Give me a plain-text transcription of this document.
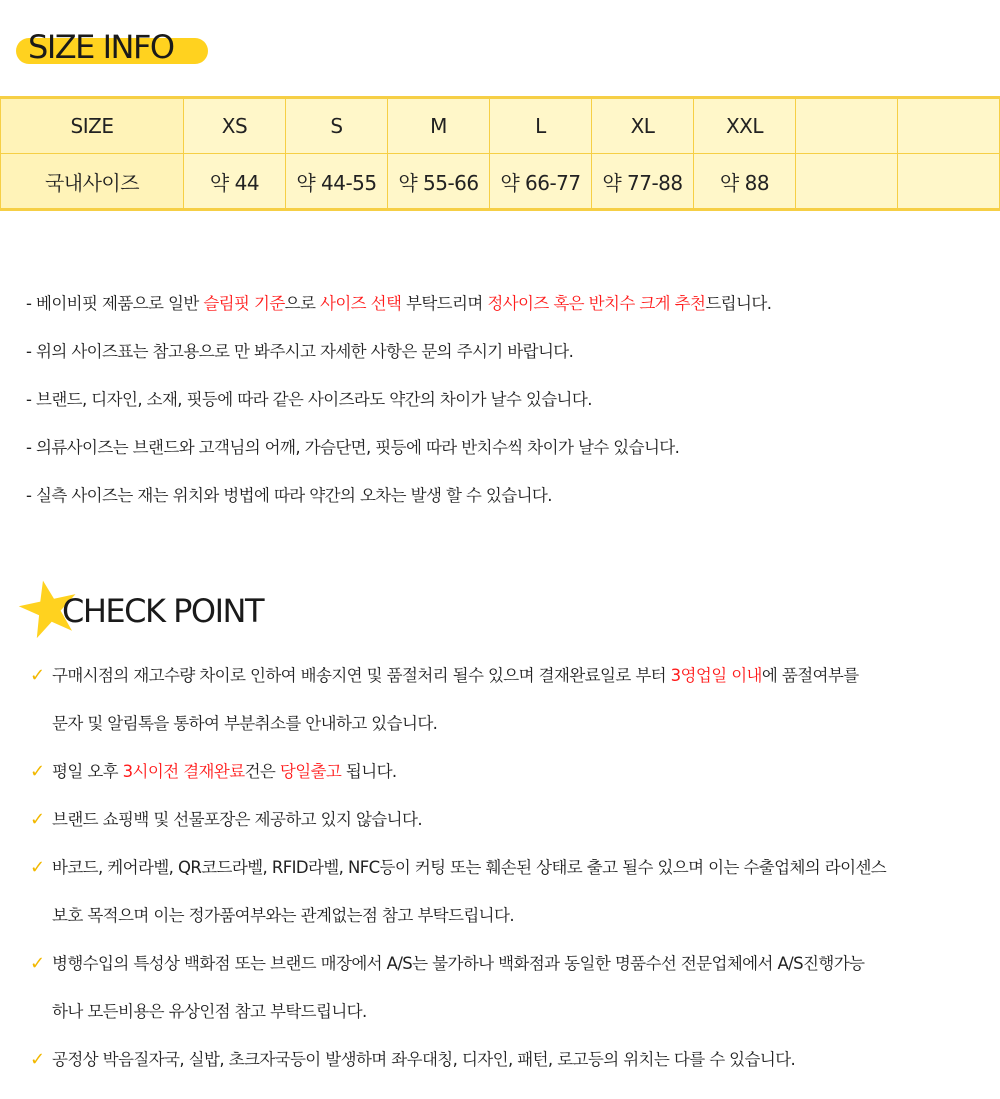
SIZE INFO
SIZE	XS	S	M	L	XL	XXL		
국내사이즈	약 44	약 44-55	약 55-66	약 66-77	약 77-88	약 88		
- 베이비핏 제품으로 일반 슬림핏 기준으로 사이즈 선택 부탁드리며 정사이즈 혹은 반치수 크게 추천드립니다.
- 위의 사이즈표는 참고용으로 만 봐주시고 자세한 사항은 문의 주시기 바랍니다.
- 브랜드, 디자인, 소재, 핏등에 따라 같은 사이즈라도 약간의 차이가 날수 있습니다.
- 의류사이즈는 브랜드와 고객님의 어깨, 가슴단면, 핏등에 따라 반치수씩 차이가 날수 있습니다.
- 실측 사이즈는 재는 위치와 벙법에 따라 약간의 오차는 발생 할 수 있습니다.
CHECK POINT
✓ 구매시점의 재고수량 차이로 인하여 배송지연 및 품절처리 될수 있으며 결재완료일로 부터 3영업일 이내에 품절여부를
문자 및 알림톡을 통하여 부분취소를 안내하고 있습니다.
✓ 평일 오후 3시이전 결재완료건은 당일출고 됩니다.
✓ 브랜드 쇼핑백 및 선물포장은 제공하고 있지 않습니다.
✓ 바코드, 케어라벨, QR코드라벨, RFID라벨, NFC등이 커팅 또는 훼손된 상태로 출고 될수 있으며 이는 수출업체의 라이센스
보호 목적으며 이는 정가품여부와는 관계없는점 참고 부탁드립니다.
✓ 병행수입의 특성상 백화점 또는 브랜드 매장에서 A/S는 불가하나 백화점과 동일한 명품수선 전문업체에서 A/S진행가능
하나 모든비용은 유상인점 참고 부탁드립니다.
✓ 공정상 박음질자국, 실밥, 초크자국등이 발생하며 좌우대칭, 디자인, 패턴, 로고등의 위치는 다를 수 있습니다.
